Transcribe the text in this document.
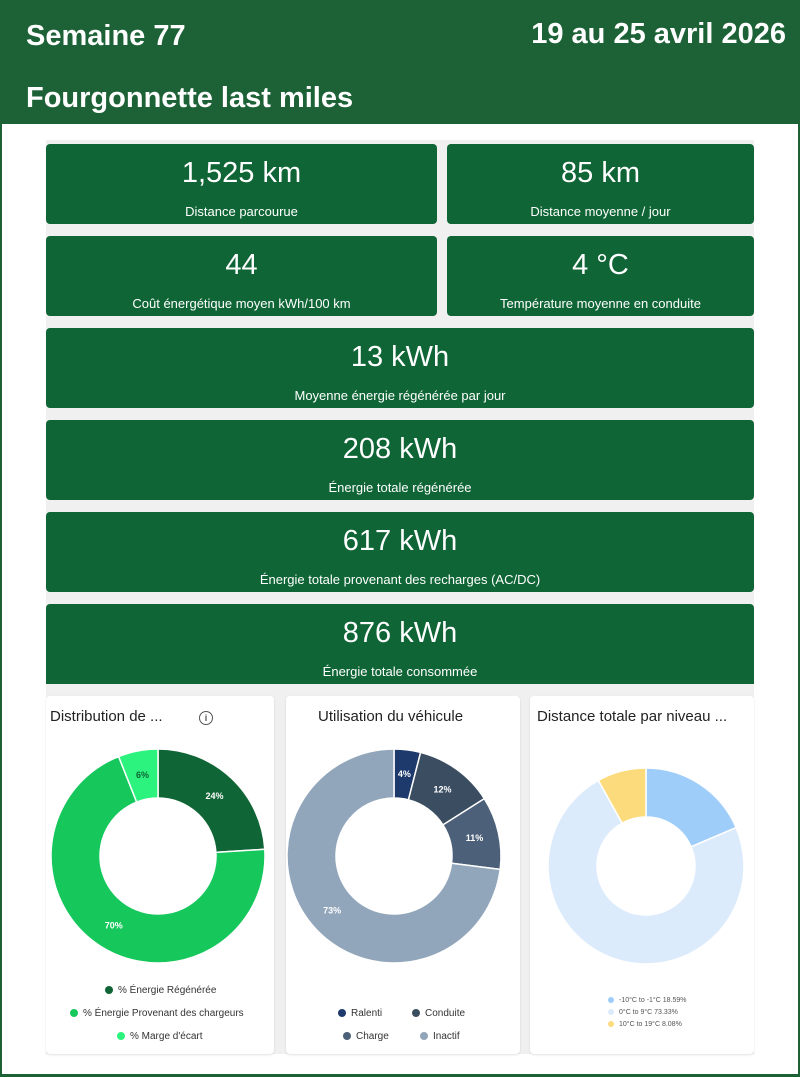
Semaine 77	19 au 25 avril 2026
Fourgonnette last miles
1,525 km
Distance parcourue
85 km
Distance moyenne / jour
44
Coût énergétique moyen kWh/100 km
4 °C
Température moyenne en conduite
13 kWh
Moyenne énergie régénérée par jour
208 kWh
Énergie totale régénérée
617 kWh
Énergie totale provenant des recharges (AC/DC)
876 kWh
Énergie totale consommée
Distribution de ...	i
24%
70%
6%
% Énergie Régénérée
% Énergie Provenant des chargeurs
% Marge d'écart
Utilisation du véhicule
4%
12%
11%
73%
Ralenti	Conduite
Charge	Inactif
Distance totale par niveau ...
-10°C to -1°C 18.59%
0°C to 9°C 73.33%
10°C to 19°C 8.08%
